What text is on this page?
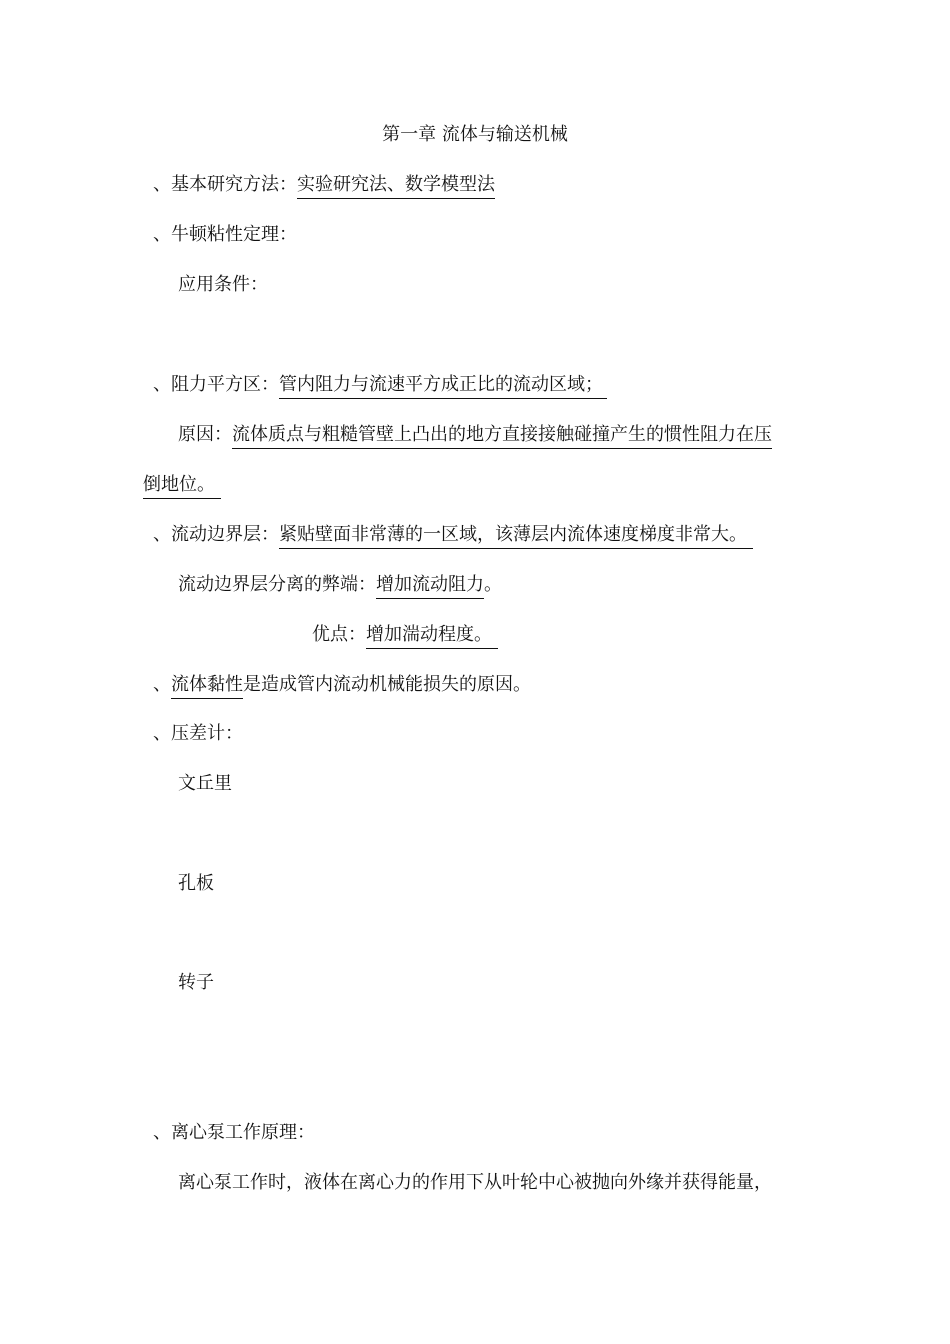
第一章 流体与输送机械
、基本研究方法：实验研究法、数学模型法
、牛顿粘性定理：
应用条件：
、阻力平方区：管内阻力与流速平方成正比的流动区域；
原因：流体质点与粗糙管壁上凸出的地方直接接触碰撞产生的惯性阻力在压
倒地位。
、流动边界层：紧贴壁面非常薄的一区域，该薄层内流体速度梯度非常大。
流动边界层分离的弊端：增加流动阻力。
优点：增加湍动程度。
、流体黏性是造成管内流动机械能损失的原因。
、压差计：
文丘里
孔板
转子
、离心泵工作原理：
离心泵工作时，液体在离心力的作用下从叶轮中心被抛向外缘并获得能量，
